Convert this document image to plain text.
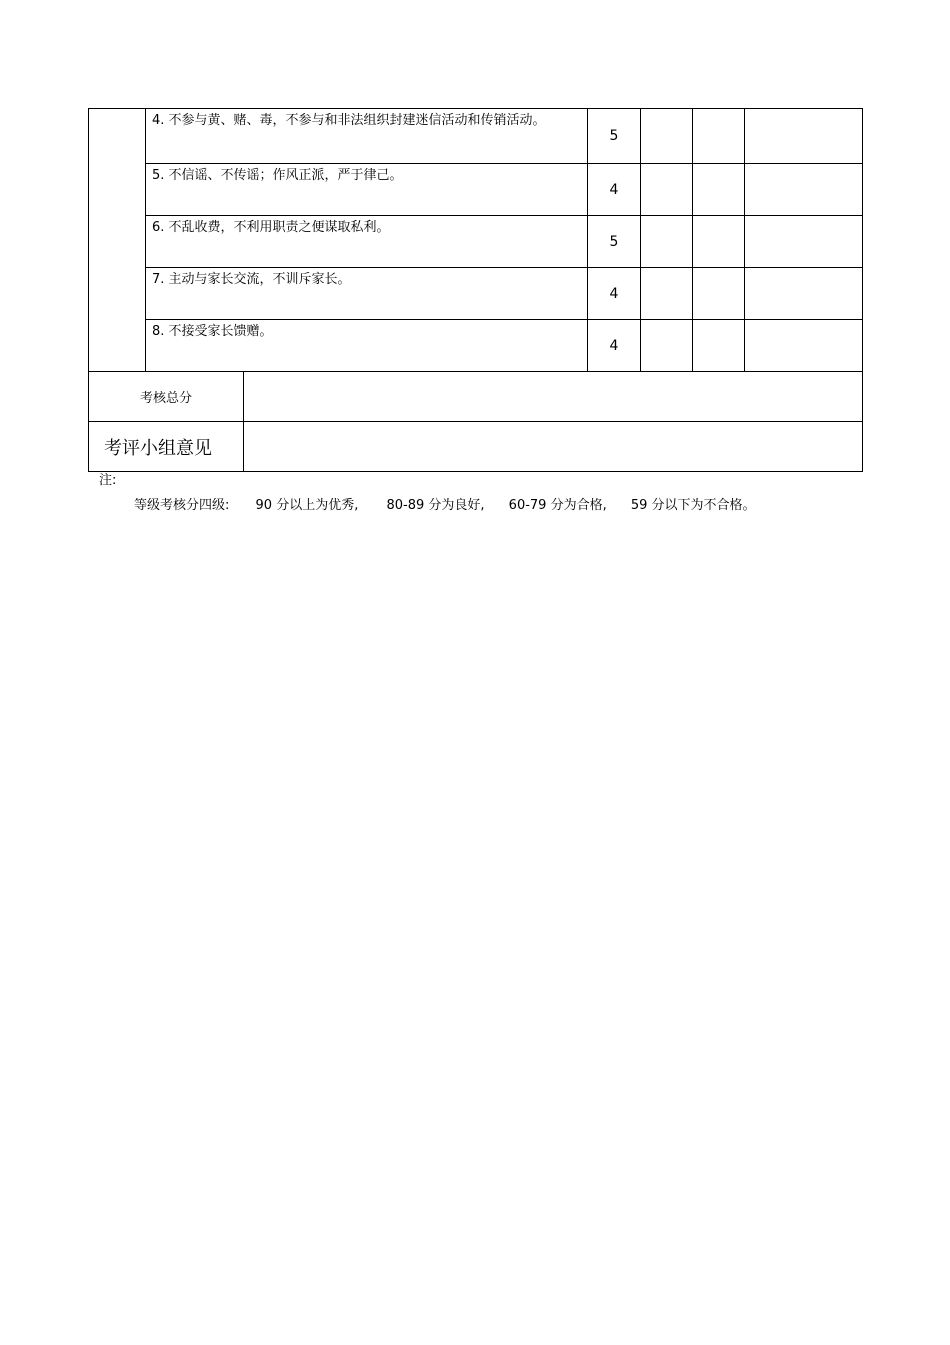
	4. 不参与黄、赌、毒，不参与和非法组织封建迷信活动和传销活动。		5			
	5. 不信谣、不传谣；作风正派，严于律己。		4			
	6. 不乱收费，不利用职责之便谋取私利。		5			
	7. 主动与家长交流，不训斥家长。		4			
	8. 不接受家长馈赠。		4			
考核总分						
考评小组意见						
注:
等级考核分四级: 90 分以上为优秀, 80-89 分为良好, 60-79 分为合格, 59 分以下为不合格。
